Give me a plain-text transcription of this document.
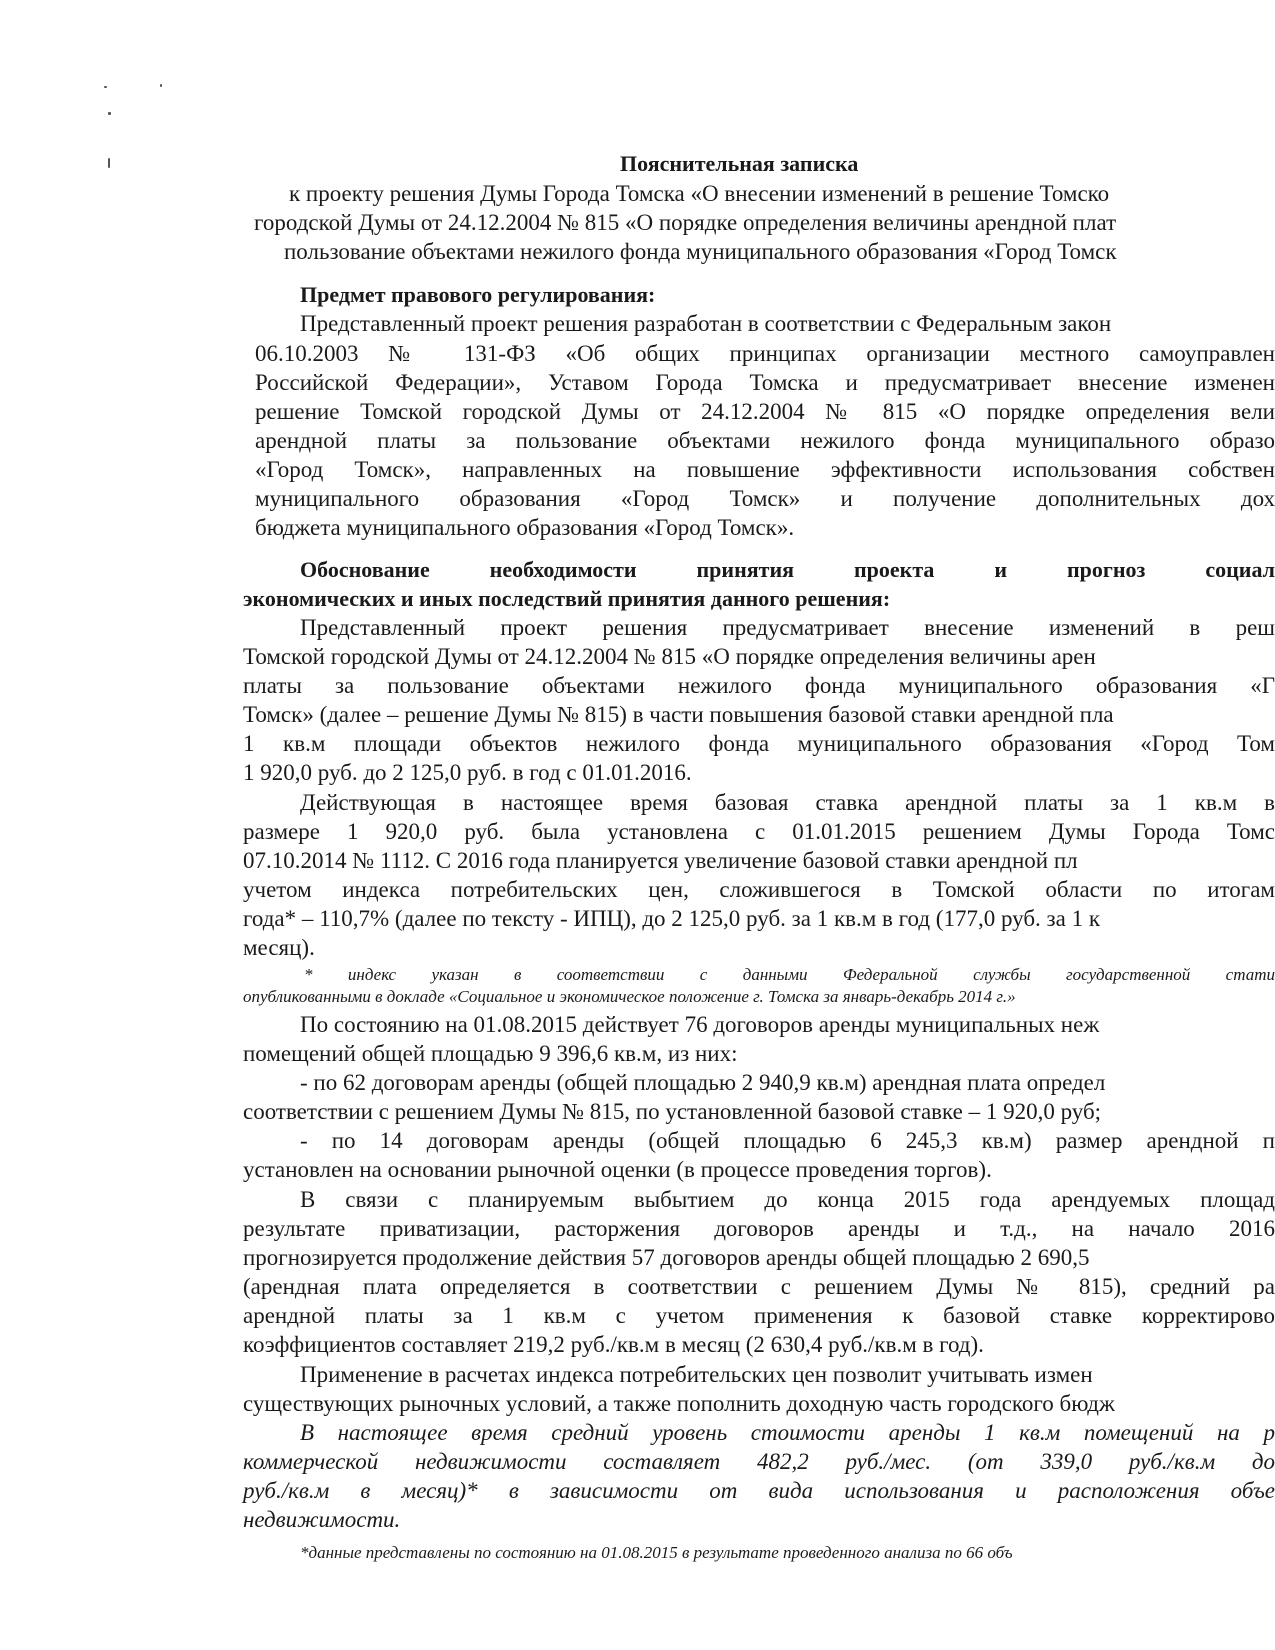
Пояснительная записка
к проекту решения Думы Города Томска «О внесении изменений в решение Томско
городской Думы от 24.12.2004 № 815 «О порядке определения величины арендной плат
пользование объектами нежилого фонда муниципального образования «Город Томск
Предмет правового регулирования:
Представленный проект решения разработан в соответствии с Федеральным закон
06.10.2003 № 131-ФЗ «Об общих принципах организации местного самоуправлен
Российской Федерации», Уставом Города Томска и предусматривает внесение изменен
решение Томской городской Думы от 24.12.2004 № 815 «О порядке определения вели
арендной платы за пользование объектами нежилого фонда муниципального образо
«Город Томск», направленных на повышение эффективности использования собствен
муниципального образования «Город Томск» и получение дополнительных дох
бюджета муниципального образования «Город Томск».
Обоснование необходимости принятия проекта и прогноз социал
экономических и иных последствий принятия данного решения:
Представленный проект решения предусматривает внесение изменений в реш
Томской городской Думы от 24.12.2004 № 815 «О порядке определения величины арен
платы за пользование объектами нежилого фонда муниципального образования «Г
Томск» (далее – решение Думы № 815) в части повышения базовой ставки арендной пла
1 кв.м площади объектов нежилого фонда муниципального образования «Город Том
1 920,0 руб. до 2 125,0 руб. в год с 01.01.2016.
Действующая в настоящее время базовая ставка арендной платы за 1 кв.м в
размере 1 920,0 руб. была установлена с 01.01.2015 решением Думы Города Томс
07.10.2014 № 1112. С 2016 года планируется увеличение базовой ставки арендной пл
учетом индекса потребительских цен, сложившегося в Томской области по итогам
года* – 110,7% (далее по тексту - ИПЦ), до 2 125,0 руб. за 1 кв.м в год (177,0 руб. за 1 к
месяц).
* индекс указан в соответствии с данными Федеральной службы государственной стати
опубликованными в докладе «Социальное и экономическое положение г. Томска за январь-декабрь 2014 г.»
По состоянию на 01.08.2015 действует 76 договоров аренды муниципальных неж
помещений общей площадью 9 396,6 кв.м, из них:
- по 62 договорам аренды (общей площадью 2 940,9 кв.м) арендная плата определ
соответствии с решением Думы № 815, по установленной базовой ставке – 1 920,0 руб;
- по 14 договорам аренды (общей площадью 6 245,3 кв.м) размер арендной п
установлен на основании рыночной оценки (в процессе проведения торгов).
В связи с планируемым выбытием до конца 2015 года арендуемых площад
результате приватизации, расторжения договоров аренды и т.д., на начало 2016
прогнозируется продолжение действия 57 договоров аренды общей площадью 2 690,5
(арендная плата определяется в соответствии с решением Думы № 815), средний ра
арендной платы за 1 кв.м с учетом применения к базовой ставке корректирово
коэффициентов составляет 219,2 руб./кв.м в месяц (2 630,4 руб./кв.м в год).
Применение в расчетах индекса потребительских цен позволит учитывать измен
существующих рыночных условий, а также пополнить доходную часть городского бюдж
В настоящее время средний уровень стоимости аренды 1 кв.м помещений на р
коммерческой недвижимости составляет 482,2 руб./мес. (от 339,0 руб./кв.м до
руб./кв.м в месяц)* в зависимости от вида использования и расположения объе
недвижимости.
*данные представлены по состоянию на 01.08.2015 в результате проведенного анализа по 66 объ
